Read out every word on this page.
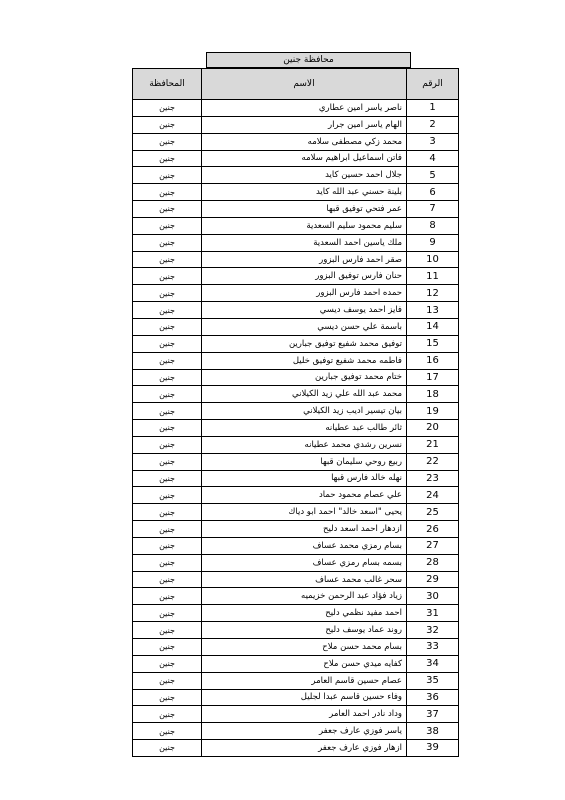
محافظة جنين
الرقم	الاسم	المحافظة
1	ناصر ياسر امين عطاري	جنين
2	الهام ياسر امين جرار	جنين
3	محمد زكي مصطفى سلامه	جنين
4	فاتن اسماعيل ابراهيم سلامه	جنين
5	جلال احمد حسين كايد	جنين
6	بلينة حسني عبد الله كايد	جنين
7	عمر فتحي توفيق قبها	جنين
8	سليم محمود سليم السعدية	جنين
9	ملك ياسين احمد السعدية	جنين
10	صقر احمد فارس البزور	جنين
11	حنان فارس توفيق البزور	جنين
12	حمده احمد فارس البزور	جنين
13	فايز احمد يوسف ديسي	جنين
14	باسمة علي حسن ديسي	جنين
15	توفيق محمد شفيع توفيق جبارين	جنين
16	فاطمه محمد شفيع توفيق خليل	جنين
17	ختام محمد توفيق جبارين	جنين
18	محمد عبد الله علي زيد الكيلاني	جنين
19	بيان تيسير اديب زيد الكيلاني	جنين
20	ثائر طالب عبد عطيانه	جنين
21	نسرين رشدي محمد عطيانه	جنين
22	ربيع روحي سليمان قبها	جنين
23	نهله خالد فارس قبها	جنين
24	علي عصام محمود حماد	جنين
25	يحيى "اسعد خالد" احمد ابو دياك	جنين
26	ازدهار احمد اسعد دليح	جنين
27	بسام رمزي محمد عساف	جنين
28	بسمه بسام رمزي عساف	جنين
29	سحر غالب محمد عساف	جنين
30	زياد فؤاد عبد الرحمن خزيميه	جنين
31	احمد مفيد نظمي دليح	جنين
32	روند عماد يوسف دليح	جنين
33	بسام محمد حسن ملاح	جنين
34	كفايه ميدي حسن ملاح	جنين
35	عصام حسين قاسم العامر	جنين
36	وفاء حسين قاسم عبدا لجليل	جنين
37	وداد نادر احمد العامر	جنين
38	ياسر فوزي عارف جعفر	جنين
39	ازهار فوزي عارف جعفر	جنين
